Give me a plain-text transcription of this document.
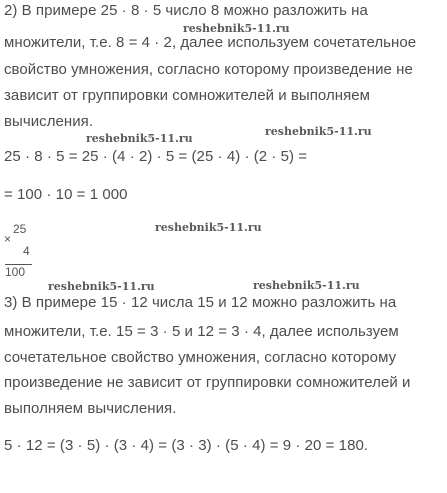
2) В примере 25 · 8 · 5 число 8 можно разложить на
reshebnik5-11.ru
множители, т.е. 8 = 4 · 2, далее используем сочетательное
свойство умножения, согласно которому произведение не
зависит от группировки сомножителей и выполняем
вычисления.
reshebnik5-11.ru
reshebnik5-11.ru
25 · 8 · 5 = 25 · (4 · 2) · 5 = (25 · 4) · (2 · 5) =
= 100 · 10 = 1 000
25
×
4
100
reshebnik5-11.ru
reshebnik5-11.ru	reshebnik5-11.ru
3) В примере 15 · 12 числа 15 и 12 можно разложить на
множители, т.е. 15 = 3 · 5 и 12 = 3 · 4, далее используем
сочетательное свойство умножения, согласно которому
произведение не зависит от группировки сомножителей и
выполняем вычисления.
5 · 12 = (3 · 5) · (3 · 4) = (3 · 3) · (5 · 4) = 9 · 20 = 180.
